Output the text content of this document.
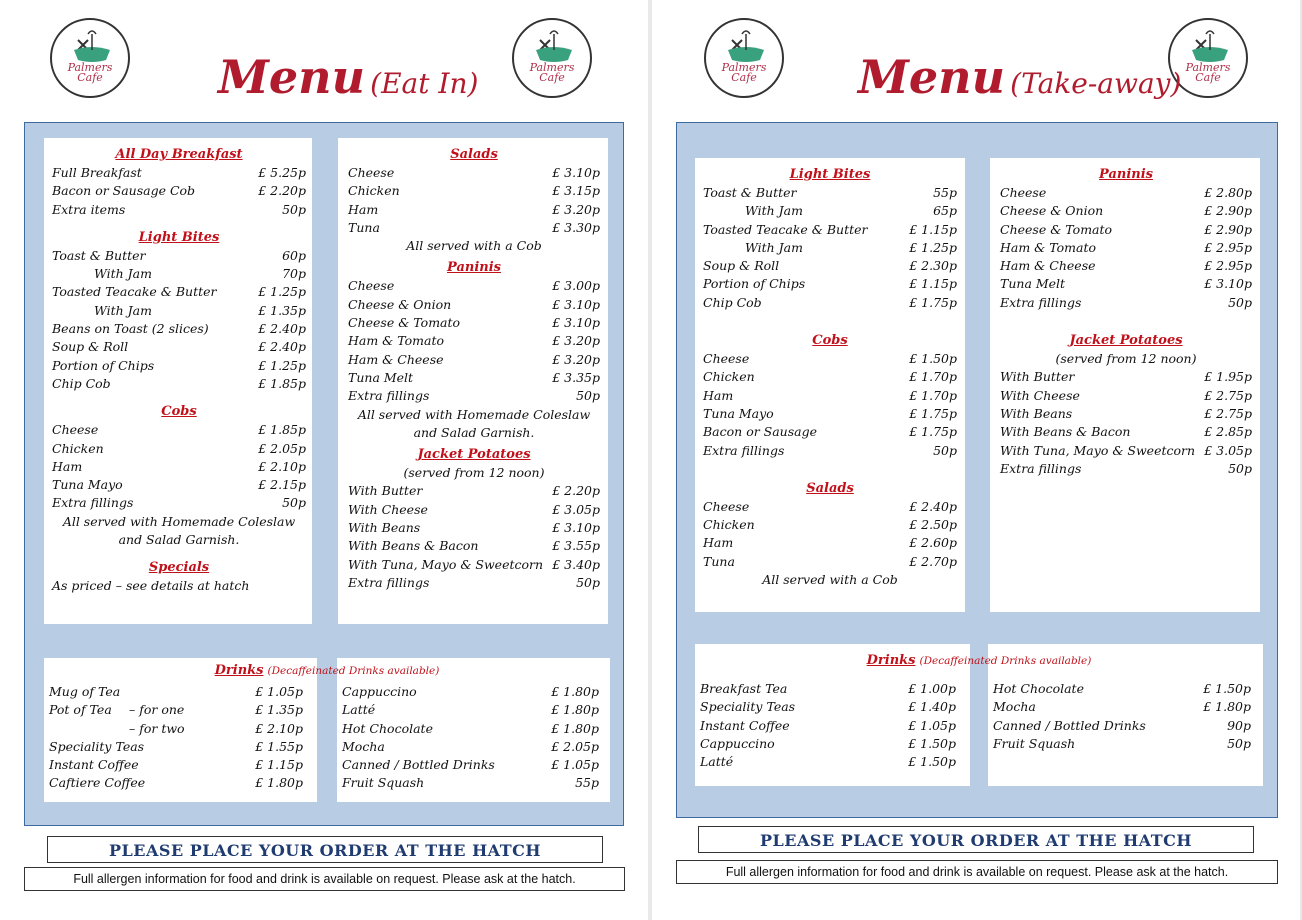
Palmers
Cafe
Palmers
Cafe
Menu (Eat In)
All Day Breakfast
Full Breakfast	£ 5.25p
Bacon or Sausage Cob	£ 2.20p
Extra items	50p
Light Bites
Toast & Butter	60p
With Jam	70p
Toasted Teacake & Butter	£ 1.25p
With Jam	£ 1.35p
Beans on Toast (2 slices)	£ 2.40p
Soup & Roll	£ 2.40p
Portion of Chips	£ 1.25p
Chip Cob	£ 1.85p
Cobs
Cheese	£ 1.85p
Chicken	£ 2.05p
Ham	£ 2.10p
Tuna Mayo	£ 2.15p
Extra fillings	50p
All served with Homemade Coleslaw
and Salad Garnish.
Specials
As priced – see details at hatch
Salads
Cheese	£ 3.10p
Chicken	£ 3.15p
Ham	£ 3.20p
Tuna	£ 3.30p
All served with a Cob
Paninis
Cheese	£ 3.00p
Cheese & Onion	£ 3.10p
Cheese & Tomato	£ 3.10p
Ham & Tomato	£ 3.20p
Ham & Cheese	£ 3.20p
Tuna Melt	£ 3.35p
Extra fillings	50p
All served with Homemade Coleslaw
and Salad Garnish.
Jacket Potatoes
(served from 12 noon)
With Butter	£ 2.20p
With Cheese	£ 3.05p
With Beans	£ 3.10p
With Beans & Bacon	£ 3.55p
With Tuna, Mayo & Sweetcorn £ 3.40p
Extra fillings	50p
Drinks (Decaffeinated Drinks available)
Mug of Tea	£ 1.05p
Pot of Tea – for one	£ 1.35p
– for two	£ 2.10p
Speciality Teas	£ 1.55p
Instant Coffee	£ 1.15p
Caftiere Coffee	£ 1.80p
Cappuccino	£ 1.80p
Latté	£ 1.80p
Hot Chocolate	£ 1.80p
Mocha	£ 2.05p
Canned / Bottled Drinks	£ 1.05p
Fruit Squash	55p
PLEASE PLACE YOUR ORDER AT THE HATCH
Full allergen information for food and drink is available on request. Please ask at the hatch.
Palmers
Cafe
Palmers
Cafe
Menu (Take-away)
Light Bites
Toast & Butter	55p
With Jam	65p
Toasted Teacake & Butter	£ 1.15p
With Jam	£ 1.25p
Soup & Roll	£ 2.30p
Portion of Chips	£ 1.15p
Chip Cob	£ 1.75p
Cobs
Cheese	£ 1.50p
Chicken	£ 1.70p
Ham	£ 1.70p
Tuna Mayo	£ 1.75p
Bacon or Sausage	£ 1.75p
Extra fillings	50p
Salads
Cheese	£ 2.40p
Chicken	£ 2.50p
Ham	£ 2.60p
Tuna	£ 2.70p
All served with a Cob
Paninis
Cheese	£ 2.80p
Cheese & Onion	£ 2.90p
Cheese & Tomato	£ 2.90p
Ham & Tomato	£ 2.95p
Ham & Cheese	£ 2.95p
Tuna Melt	£ 3.10p
Extra fillings	50p
Jacket Potatoes
(served from 12 noon)
With Butter	£ 1.95p
With Cheese	£ 2.75p
With Beans	£ 2.75p
With Beans & Bacon	£ 2.85p
With Tuna, Mayo & Sweetcorn £ 3.05p
Extra fillings	50p
Drinks (Decaffeinated Drinks available)
Breakfast Tea	£ 1.00p
Speciality Teas	£ 1.40p
Instant Coffee	£ 1.05p
Cappuccino	£ 1.50p
Latté	£ 1.50p
Hot Chocolate	£ 1.50p
Mocha	£ 1.80p
Canned / Bottled Drinks	90p
Fruit Squash	50p
PLEASE PLACE YOUR ORDER AT THE HATCH
Full allergen information for food and drink is available on request. Please ask at the hatch.
